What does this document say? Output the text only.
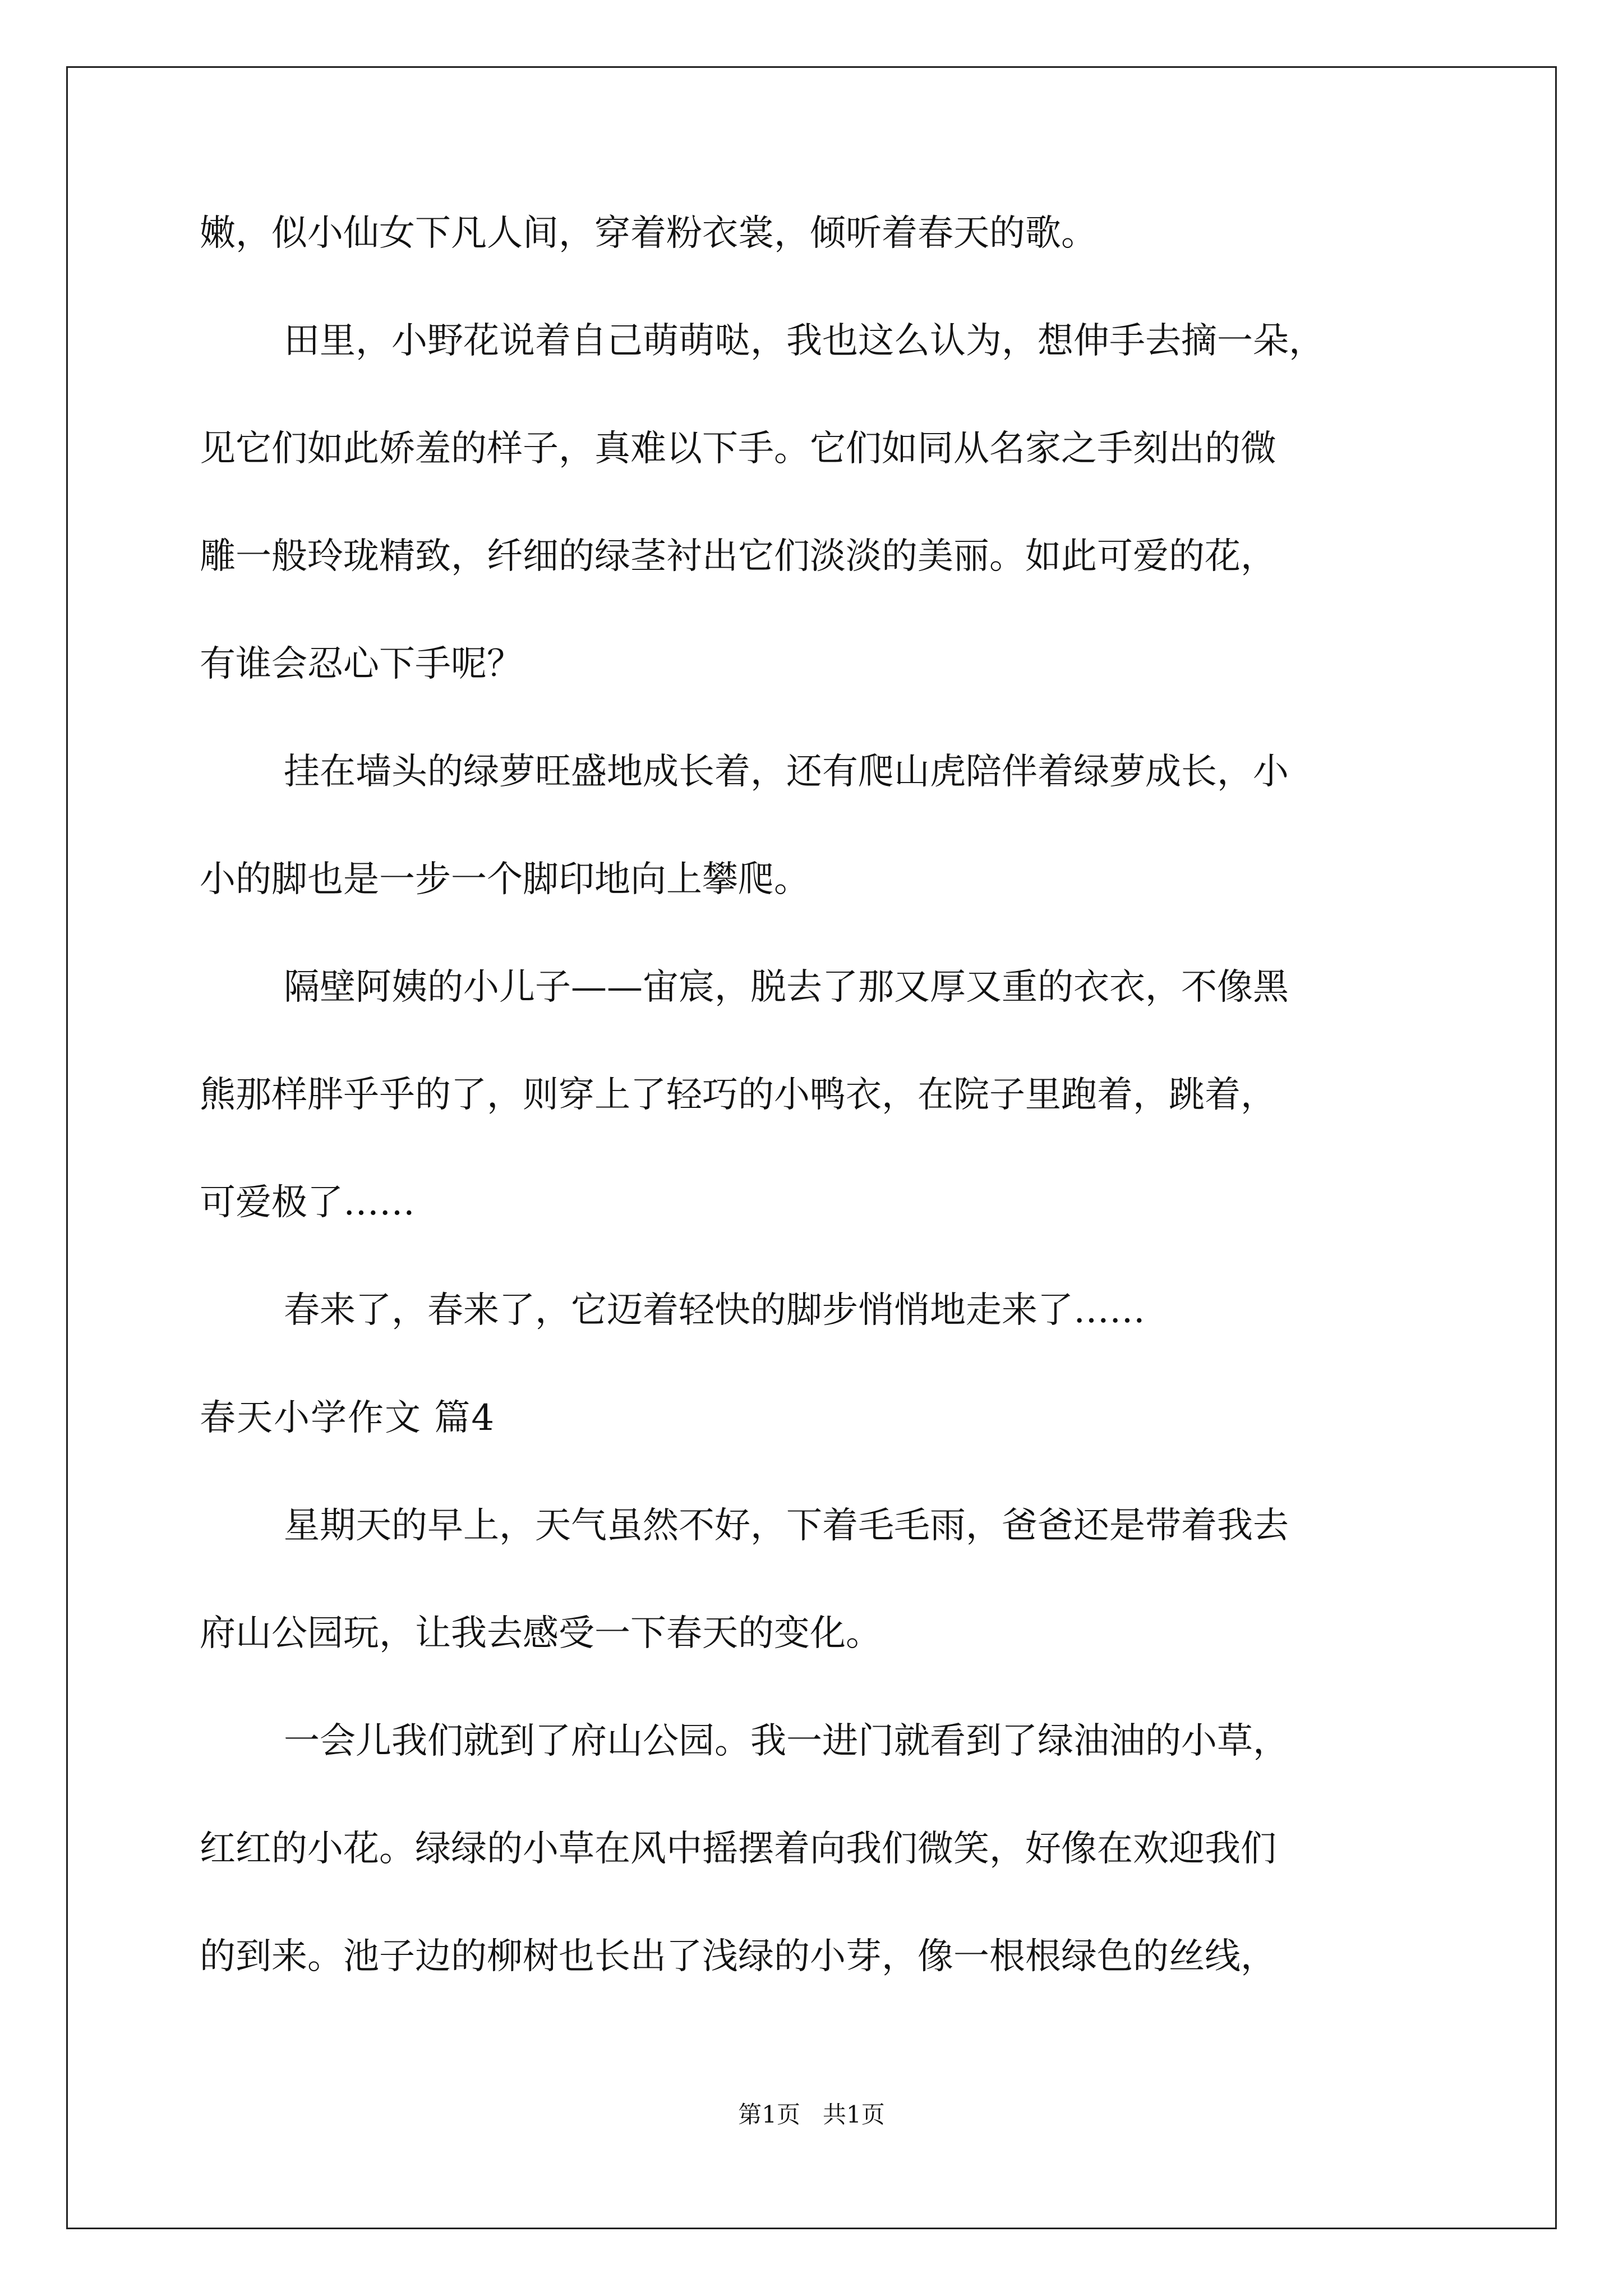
嫩，似小仙女下凡人间，穿着粉衣裳，倾听着春天的歌。
田里，小野花说着自己萌萌哒，我也这么认为，想伸手去摘一朵，
见它们如此娇羞的样子，真难以下手。它们如同从名家之手刻出的微
雕一般玲珑精致，纤细的绿茎衬出它们淡淡的美丽。如此可爱的花，
有谁会忍心下手呢？
挂在墙头的绿萝旺盛地成长着，还有爬山虎陪伴着绿萝成长，小
小的脚也是一步一个脚印地向上攀爬。
隔壁阿姨的小儿子——宙宸，脱去了那又厚又重的衣衣，不像黑
熊那样胖乎乎的了，则穿上了轻巧的小鸭衣，在院子里跑着，跳着，
可爱极了……
春来了，春来了，它迈着轻快的脚步悄悄地走来了……
春天小学作文 篇4
星期天的早上，天气虽然不好，下着毛毛雨，爸爸还是带着我去
府山公园玩，让我去感受一下春天的变化。
一会儿我们就到了府山公园。我一进门就看到了绿油油的小草，
红红的小花。绿绿的小草在风中摇摆着向我们微笑，好像在欢迎我们
的到来。池子边的柳树也长出了浅绿的小芽，像一根根绿色的丝线，
第1页 共1页
